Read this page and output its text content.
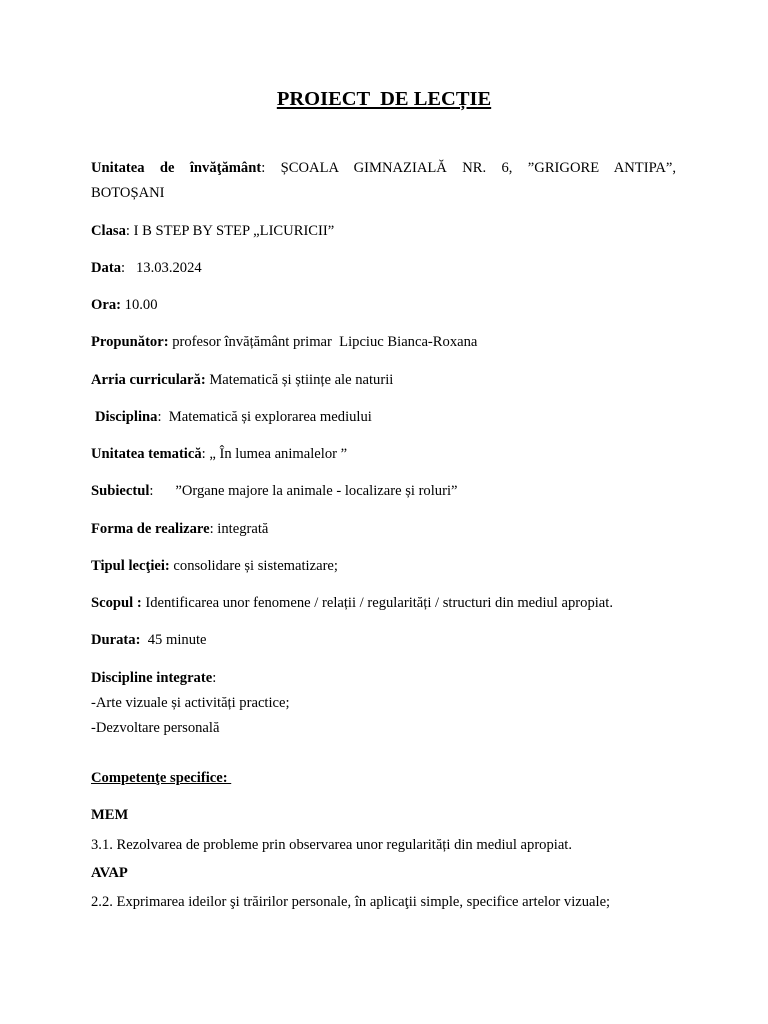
PROIECT  DE LECȚIE
Unitatea de învăţământ: ȘCOALA GIMNAZIALĂ NR. 6, ”GRIGORE ANTIPA”,
BOTOȘANI
Clasa: I B STEP BY STEP „LICURICII”
Data:   13.03.2024
Ora: 10.00
Propunător: profesor învățământ primar  Lipciuc Bianca-Roxana
Arria curriculară: Matematică și științe ale naturii
Disciplina:  Matematică și explorarea mediului
Unitatea tematică: „ În lumea animalelor ”
Subiectul:      ”Organe majore la animale - localizare și roluri”
Forma de realizare: integrată
Tipul lecţiei: consolidare și sistematizare;
Scopul : Identificarea unor fenomene / relații / regularități / structuri din mediul apropiat.
Durata:  45 minute
Discipline integrate:
-Arte vizuale și activități practice;
-Dezvoltare personală
Competenţe specifice:
MEM
3.1. Rezolvarea de probleme prin observarea unor regularități din mediul apropiat.
AVAP
2.2. Exprimarea ideilor şi trăirilor personale, în aplicaţii simple, specifice artelor vizuale;
